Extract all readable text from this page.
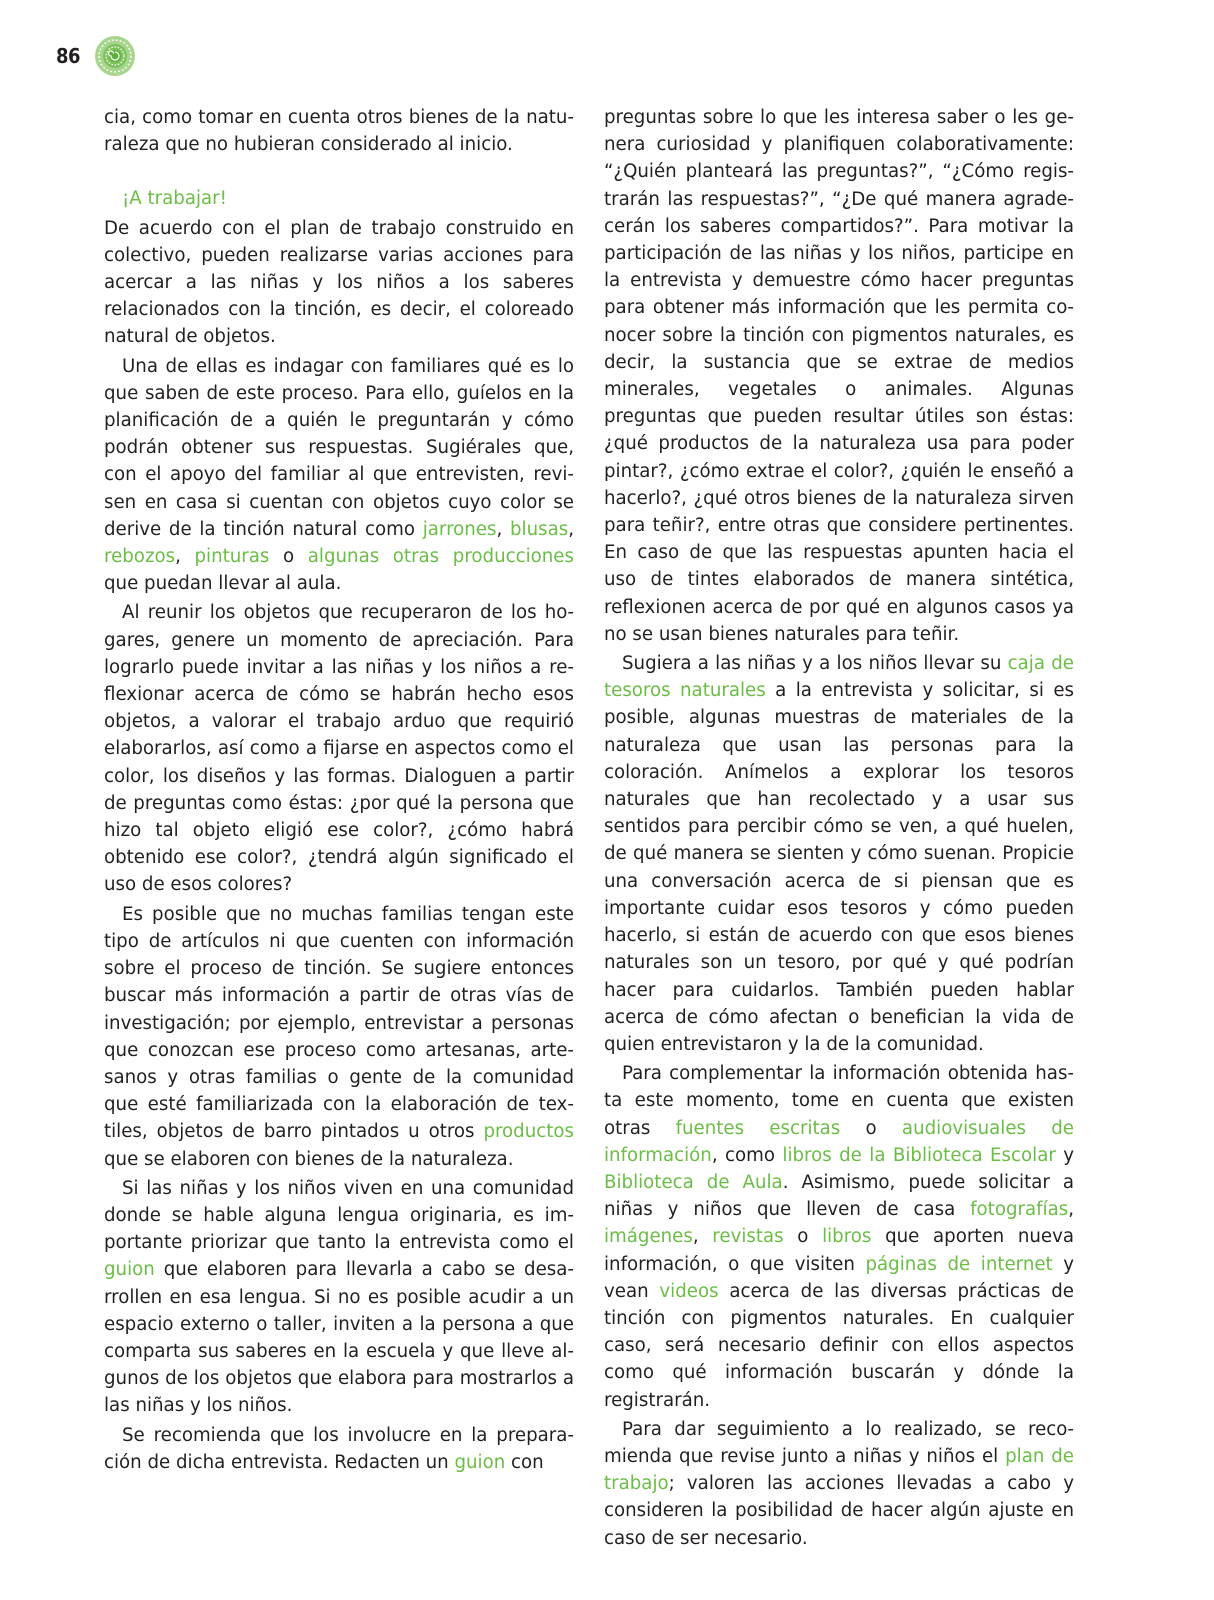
86

cia, como tomar en cuenta otros bienes de la naturaleza que no hubieran considerado al inicio.

¡A trabajar!

De acuerdo con el plan de trabajo construido en colectivo, pueden realizarse varias acciones para acercar a las niñas y los niños a los saberes relacionados con la tinción, es decir, el coloreado natural de objetos.

Una de ellas es indagar con familiares qué es lo que saben de este proceso. Para ello, guíelos en la planificación de a quién le preguntarán y cómo podrán obtener sus respuestas. Sugiérales que, con el apoyo del familiar al que entrevisten, revisen en casa si cuentan con objetos cuyo color se derive de la tinción natural como jarrones, blusas, rebozos, pinturas o algunas otras producciones que puedan llevar al aula.

Al reunir los objetos que recuperaron de los hogares, genere un momento de apreciación. Para lograrlo puede invitar a las niñas y los niños a reflexionar acerca de cómo se habrán hecho esos objetos, a valorar el trabajo arduo que requirió elaborarlos, así como a fijarse en aspectos como el color, los diseños y las formas. Dialoguen a partir de preguntas como éstas: ¿por qué la persona que hizo tal objeto eligió ese color?, ¿cómo habrá obtenido ese color?, ¿tendrá algún significado el uso de esos colores?

Es posible que no muchas familias tengan este tipo de artículos ni que cuenten con información sobre el proceso de tinción. Se sugiere entonces buscar más información a partir de otras vías de investigación; por ejemplo, entrevistar a personas que conozcan ese proceso como artesanas, artesanos y otras familias o gente de la comunidad que esté familiarizada con la elaboración de textiles, objetos de barro pintados u otros productos que se elaboren con bienes de la naturaleza.

Si las niñas y los niños viven en una comunidad donde se hable alguna lengua originaria, es importante priorizar que tanto la entrevista como el guion que elaboren para llevarla a cabo se desarrollen en esa lengua. Si no es posible acudir a un espacio externo o taller, inviten a la persona a que comparta sus saberes en la escuela y que lleve algunos de los objetos que elabora para mostrarlos a las niñas y los niños.

Se recomienda que los involucre en la preparación de dicha entrevista. Redacten un guion con

preguntas sobre lo que les interesa saber o les genera curiosidad y planifiquen colaborativamente: “¿Quién planteará las preguntas?”, “¿Cómo registrarán las respuestas?”, “¿De qué manera agradecerán los saberes compartidos?”. Para motivar la participación de las niñas y los niños, participe en la entrevista y demuestre cómo hacer preguntas para obtener más información que les permita conocer sobre la tinción con pigmentos naturales, es decir, la sustancia que se extrae de medios minerales, vegetales o animales. Algunas preguntas que pueden resultar útiles son éstas: ¿qué productos de la naturaleza usa para poder pintar?, ¿cómo extrae el color?, ¿quién le enseñó a hacerlo?, ¿qué otros bienes de la naturaleza sirven para teñir?, entre otras que considere pertinentes. En caso de que las respuestas apunten hacia el uso de tintes elaborados de manera sintética, reflexionen acerca de por qué en algunos casos ya no se usan bienes naturales para teñir.

Sugiera a las niñas y a los niños llevar su caja de tesoros naturales a la entrevista y solicitar, si es posible, algunas muestras de materiales de la naturaleza que usan las personas para la coloración. Anímelos a explorar los tesoros naturales que han recolectado y a usar sus sentidos para percibir cómo se ven, a qué huelen, de qué manera se sienten y cómo suenan. Propicie una conversación acerca de si piensan que es importante cuidar esos tesoros y cómo pueden hacerlo, si están de acuerdo con que esos bienes naturales son un tesoro, por qué y qué podrían hacer para cuidarlos. También pueden hablar acerca de cómo afectan o benefician la vida de quien entrevistaron y la de la comunidad.

Para complementar la información obtenida hasta este momento, tome en cuenta que existen otras fuentes escritas o audiovisuales de información, como libros de la Biblioteca Escolar y Biblioteca de Aula. Asimismo, puede solicitar a niñas y niños que lleven de casa fotografías, imágenes, revistas o libros que aporten nueva información, o que visiten páginas de internet y vean videos acerca de las diversas prácticas de tinción con pigmentos naturales. En cualquier caso, será necesario definir con ellos aspectos como qué información buscarán y dónde la registrarán.

Para dar seguimiento a lo realizado, se recomienda que revise junto a niñas y niños el plan de trabajo; valoren las acciones llevadas a cabo y consideren la posibilidad de hacer algún ajuste en caso de ser necesario.
